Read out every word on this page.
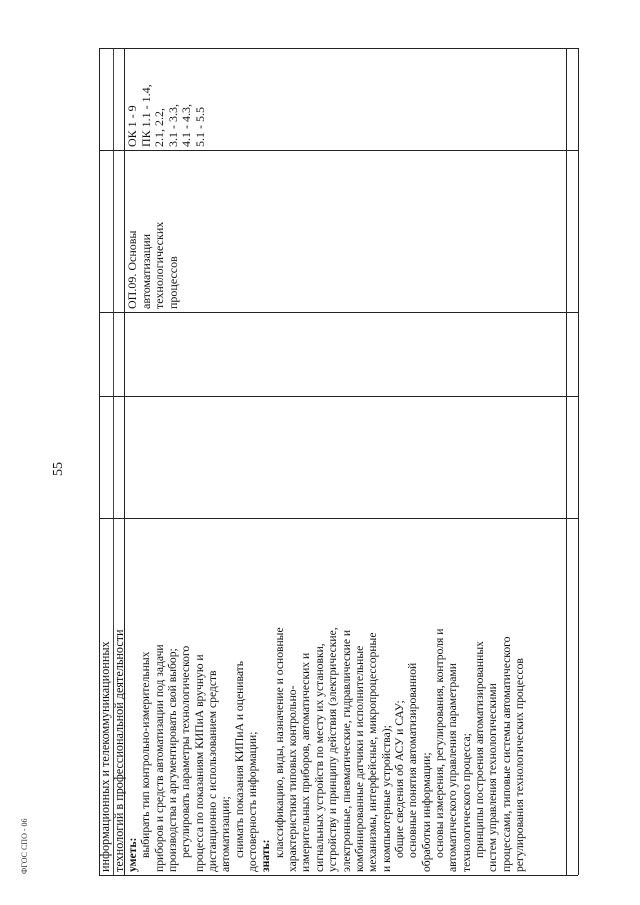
информационных и телекоммуникационных технологий в профессиональной деятельности уметь: выбирать тип контрольно-измерительных приборов и средств автоматизации под задачи производства и аргументировать свой выбор; регулировать параметры технологического процесса по показаниям КИПиА вручную и дистанционно с использованием средств автоматизации; снимать показания КИПиА и оценивать достоверность информации; знать: классификацию, виды, назначение и основные характеристики типовых контрольно- измерительных приборов, автоматических и сигнальных устройств по месту их установки, устройству и принципу действия (электрические, электронные, пневматические, гидравлические и комбинированные датчики и исполнительные механизмы, интерфейсные, микропроцессорные и компьютерные устройства); общие сведения об АСУ и САУ; основные понятия автоматизированной обработки информации; основы измерения, регулирования, контроля и автоматического управления параметрами технологического процесса; принципы построения автоматизированных систем управления технологическими процессами, типовые системы автоматического регулирования технологических процессов
ОП.09. Основы автоматизации технологических процессов
ОК 1 - 9 ПК 1.1 - 1.4, 2.1, 2.2, 3.1 - 3.3, 4.1 - 4.3, 5.1 - 5.5
55
ФГОС СПО - 06
